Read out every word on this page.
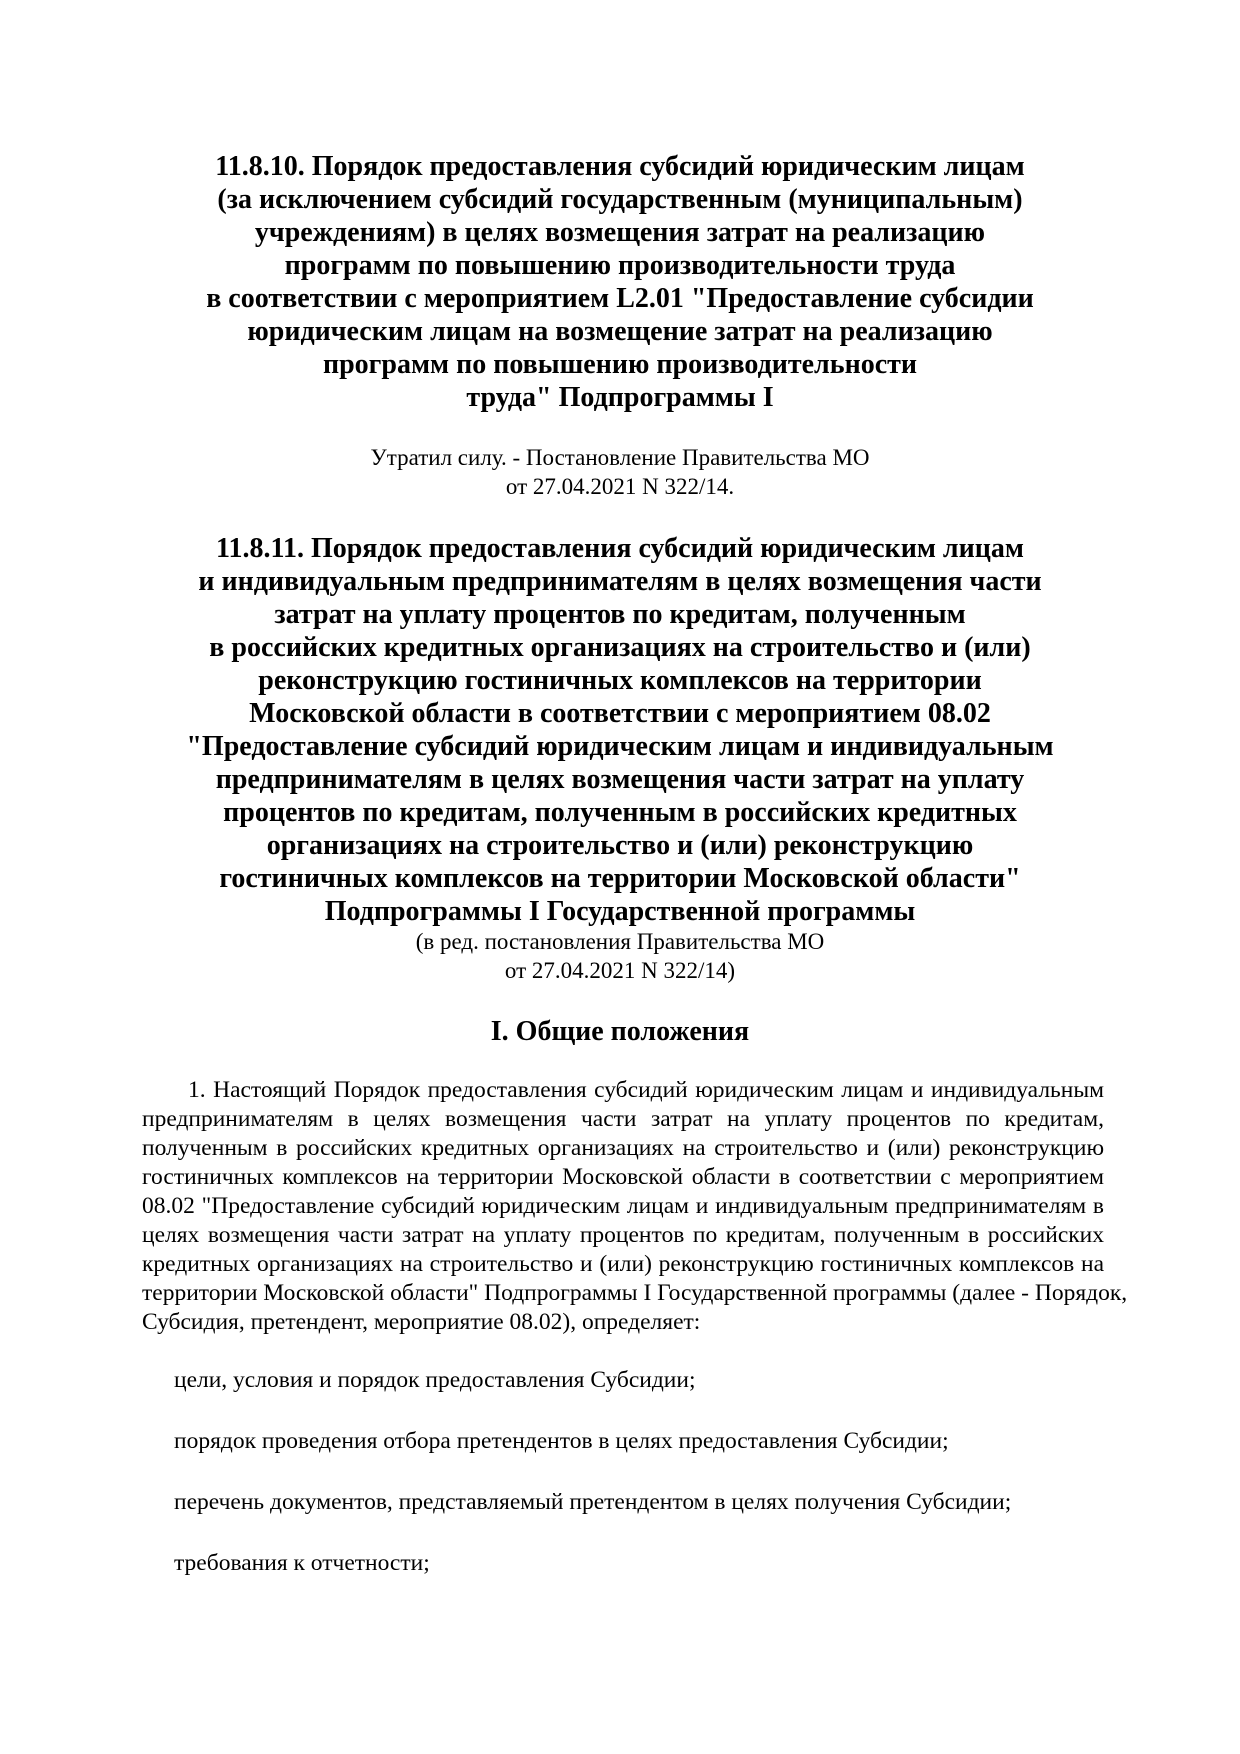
11.8.10. Порядок предоставления субсидий юридическим лицам
(за исключением субсидий государственным (муниципальным)
учреждениям) в целях возмещения затрат на реализацию
программ по повышению производительности труда
в соответствии с мероприятием L2.01 "Предоставление субсидии
юридическим лицам на возмещение затрат на реализацию
программ по повышению производительности
труда" Подпрограммы I
Утратил силу. - Постановление Правительства МО
от 27.04.2021 N 322/14.
11.8.11. Порядок предоставления субсидий юридическим лицам
и индивидуальным предпринимателям в целях возмещения части
затрат на уплату процентов по кредитам, полученным
в российских кредитных организациях на строительство и (или)
реконструкцию гостиничных комплексов на территории
Московской области в соответствии с мероприятием 08.02
"Предоставление субсидий юридическим лицам и индивидуальным
предпринимателям в целях возмещения части затрат на уплату
процентов по кредитам, полученным в российских кредитных
организациях на строительство и (или) реконструкцию
гостиничных комплексов на территории Московской области"
Подпрограммы I Государственной программы
(в ред. постановления Правительства МО
от 27.04.2021 N 322/14)
I. Общие положения
1. Настоящий Порядок предоставления субсидий юридическим лицам и индивидуальным
предпринимателям в целях возмещения части затрат на уплату процентов по кредитам,
полученным в российских кредитных организациях на строительство и (или) реконструкцию
гостиничных комплексов на территории Московской области в соответствии с мероприятием
08.02 "Предоставление субсидий юридическим лицам и индивидуальным предпринимателям в
целях возмещения части затрат на уплату процентов по кредитам, полученным в российских
кредитных организациях на строительство и (или) реконструкцию гостиничных комплексов на
территории Московской области" Подпрограммы I Государственной программы (далее - Порядок,
Субсидия, претендент, мероприятие 08.02), определяет:
цели, условия и порядок предоставления Субсидии;
порядок проведения отбора претендентов в целях предоставления Субсидии;
перечень документов, представляемый претендентом в целях получения Субсидии;
требования к отчетности;
